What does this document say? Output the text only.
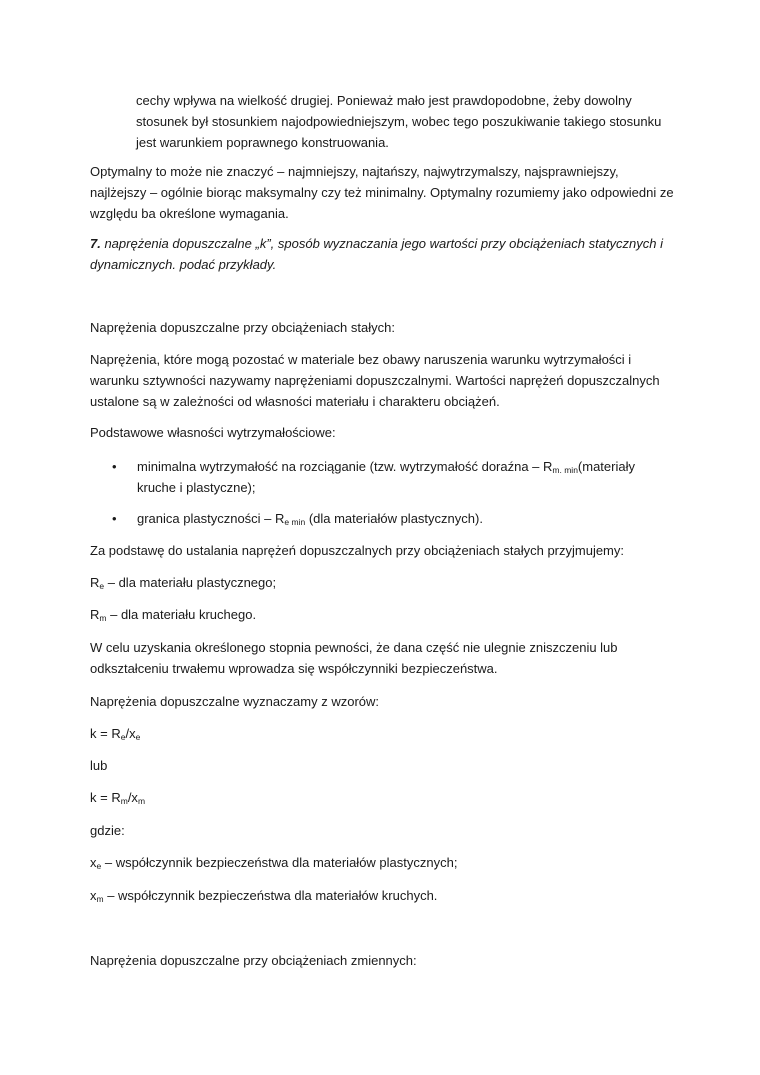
cechy wpływa na wielkość drugiej. Ponieważ mało jest prawdopodobne, żeby dowolny
stosunek był stosunkiem najodpowiedniejszym, wobec tego poszukiwanie takiego stosunku
jest warunkiem poprawnego konstruowania.

Optymalny to może nie znaczyć – najmniejszy, najtańszy, najwytrzymalszy, najsprawniejszy,
najlżejszy – ogólnie biorąc maksymalny czy też minimalny. Optymalny rozumiemy jako odpowiedni ze
względu ba określone wymagania.

7. naprężenia dopuszczalne „k”, sposób wyznaczania jego wartości przy obciążeniach statycznych i
dynamicznych. podać przykłady.

Naprężenia dopuszczalne przy obciążeniach stałych:

Naprężenia, które mogą pozostać w materiale bez obawy naruszenia warunku wytrzymałości i
warunku sztywności nazywamy naprężeniami dopuszczalnymi. Wartości naprężeń dopuszczalnych
ustalone są w zależności od własności materiału i charakteru obciążeń.

Podstawowe własności wytrzymałościowe:

•	minimalna wytrzymałość na rozciąganie (tzw. wytrzymałość doraźna – $R_{m. min}(materiały$
kruche i plastyczne);

•	granica plastyczności – $R_{e min}$ (dla materiałów plastycznych).

Za podstawę do ustalania naprężeń dopuszczalnych przy obciążeniach stałych przyjmujemy:

$R_e$ – dla materiału plastycznego;

$R_m$ – dla materiału kruchego.

W celu uzyskania określonego stopnia pewności, że dana część nie ulegnie zniszczeniu lub
odkształceniu trwałemu wprowadza się współczynniki bezpieczeństwa.

Naprężenia dopuszczalne wyznaczamy z wzorów:

$k = R_e/x_e$

lub

$k = R_m/x_m$

gdzie:

$x_e$ – współczynnik bezpieczeństwa dla materiałów plastycznych;

$x_m$ – współczynnik bezpieczeństwa dla materiałów kruchych.

Naprężenia dopuszczalne przy obciążeniach zmiennych:
